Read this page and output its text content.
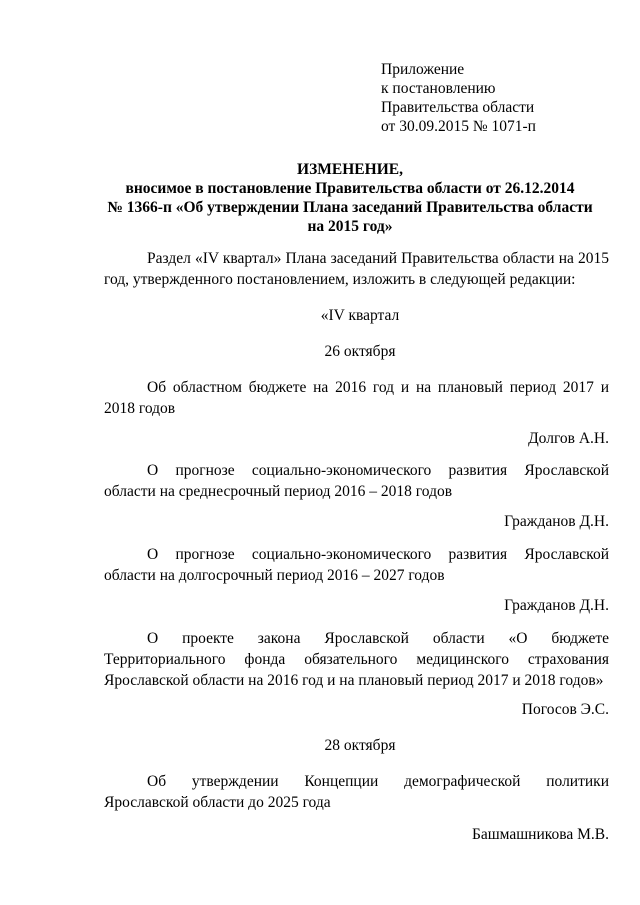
Приложение
к постановлению
Правительства области
от 30.09.2015 № 1071-п
ИЗМЕНЕНИЕ,
вносимое в постановление Правительства области от 26.12.2014
№ 1366-п «Об утверждении Плана заседаний Правительства области
на 2015 год»
Раздел «IV квартал» Плана заседаний Правительства области на 2015 год, утвержденного постановлением, изложить в следующей редакции:
«IV квартал
26 октября
Об областном бюджете на 2016 год и на плановый период 2017 и 2018 годов
Долгов А.Н.
О прогнозе социально-экономического развития Ярославской области на среднесрочный период 2016 – 2018 годов
Гражданов Д.Н.
О прогнозе социально-экономического развития Ярославской области на долгосрочный период 2016 – 2027 годов
Гражданов Д.Н.
О проекте закона Ярославской области «О бюджете Территориального фонда обязательного медицинского страхования Ярославской области на 2016 год и на плановый период 2017 и 2018 годов»
Погосов Э.С.
28 октября
Об утверждении Концепции демографической политики Ярославской области до 2025 года
Башмашникова М.В.
